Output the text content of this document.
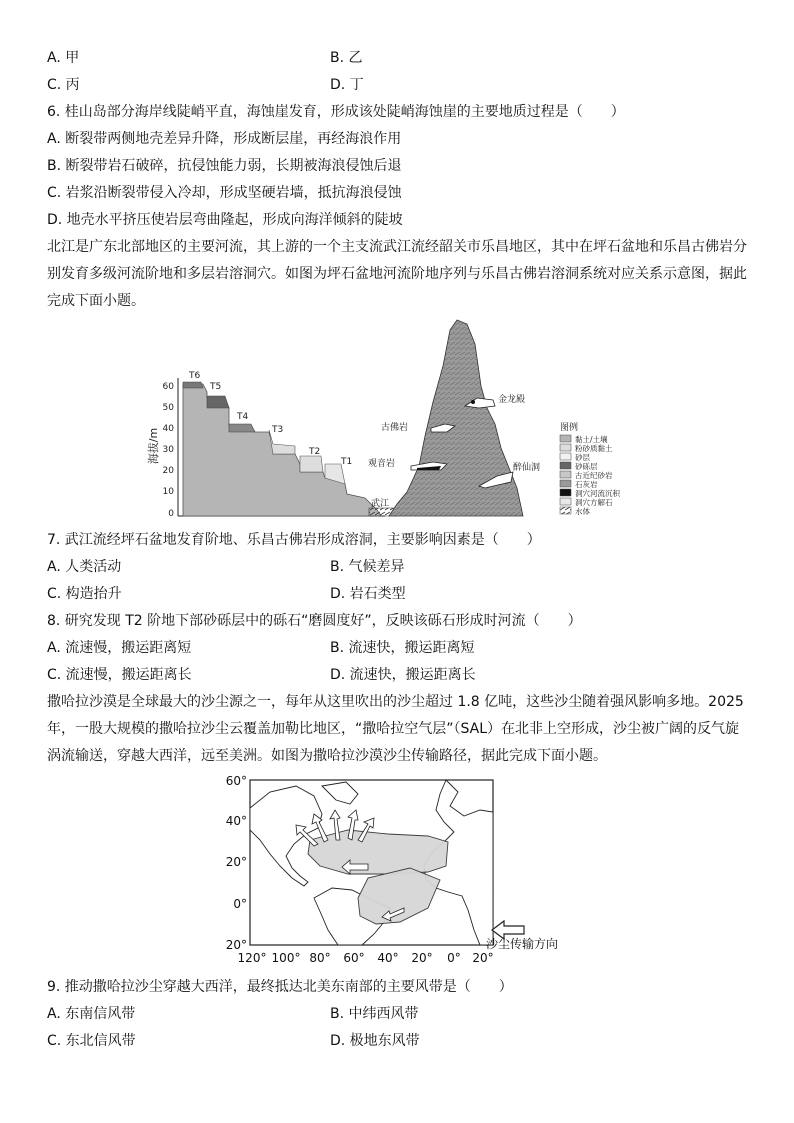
A. 甲	B. 乙
C. 丙	D. 丁
6. 桂山岛部分海岸线陡峭平直，海蚀崖发育，形成该处陡峭海蚀崖的主要地质过程是（　　）
A. 断裂带两侧地壳差异升降，形成断层崖，再经海浪作用
B. 断裂带岩石破碎，抗侵蚀能力弱，长期被海浪侵蚀后退
C. 岩浆沿断裂带侵入冷却，形成坚硬岩墙，抵抗海浪侵蚀
D. 地壳水平挤压使岩层弯曲隆起，形成向海洋倾斜的陡坡
北江是广东北部地区的主要河流，其上游的一个主支流武江流经韶关市乐昌地区，其中在坪石盆地和乐昌古佛岩分别发育多级河流阶地和多层岩溶洞穴。如图为坪石盆地河流阶地序列与乐昌古佛岩溶洞系统对应关系示意图，据此完成下面小题。
0
10
20
30
40
50
60
海拔/m
T6
T5
T4
T3
T2
T1
武江
金龙殿
古佛岩
观音岩	醉仙洞
图例
黏土/土壤
粉砂质黏土
砂层
砂砾层
古近纪砂岩
石灰岩
洞穴河流沉积
洞穴方解石
水体
7. 武江流经坪石盆地发育阶地、乐昌古佛岩形成溶洞，主要影响因素是（　　）
A. 人类活动	B. 气候差异
C. 构造抬升	D. 岩石类型
8. 研究发现 T2 阶地下部砂砾层中的砾石“磨圆度好”，反映该砾石形成时河流（　　）
A. 流速慢，搬运距离短	B. 流速快，搬运距离短
C. 流速慢，搬运距离长	D. 流速快，搬运距离长
撒哈拉沙漠是全球最大的沙尘源之一，每年从这里吹出的沙尘超过 1.8 亿吨，这些沙尘随着强风影响多地。2025 年，一股大规模的撒哈拉沙尘云覆盖加勒比地区，“撒哈拉空气层”（SAL）在北非上空形成，沙尘被广阔的反气旋涡流输送，穿越大西洋，远至美洲。如图为撒哈拉沙漠沙尘传输路径，据此完成下面小题。
60°
40°
20°
0°
20°
120° 100° 80° 60° 40° 20° 0° 20°
沙尘传输方向
9. 推动撒哈拉沙尘穿越大西洋，最终抵达北美东南部的主要风带是（　　）
A. 东南信风带	B. 中纬西风带
C. 东北信风带	D. 极地东风带
